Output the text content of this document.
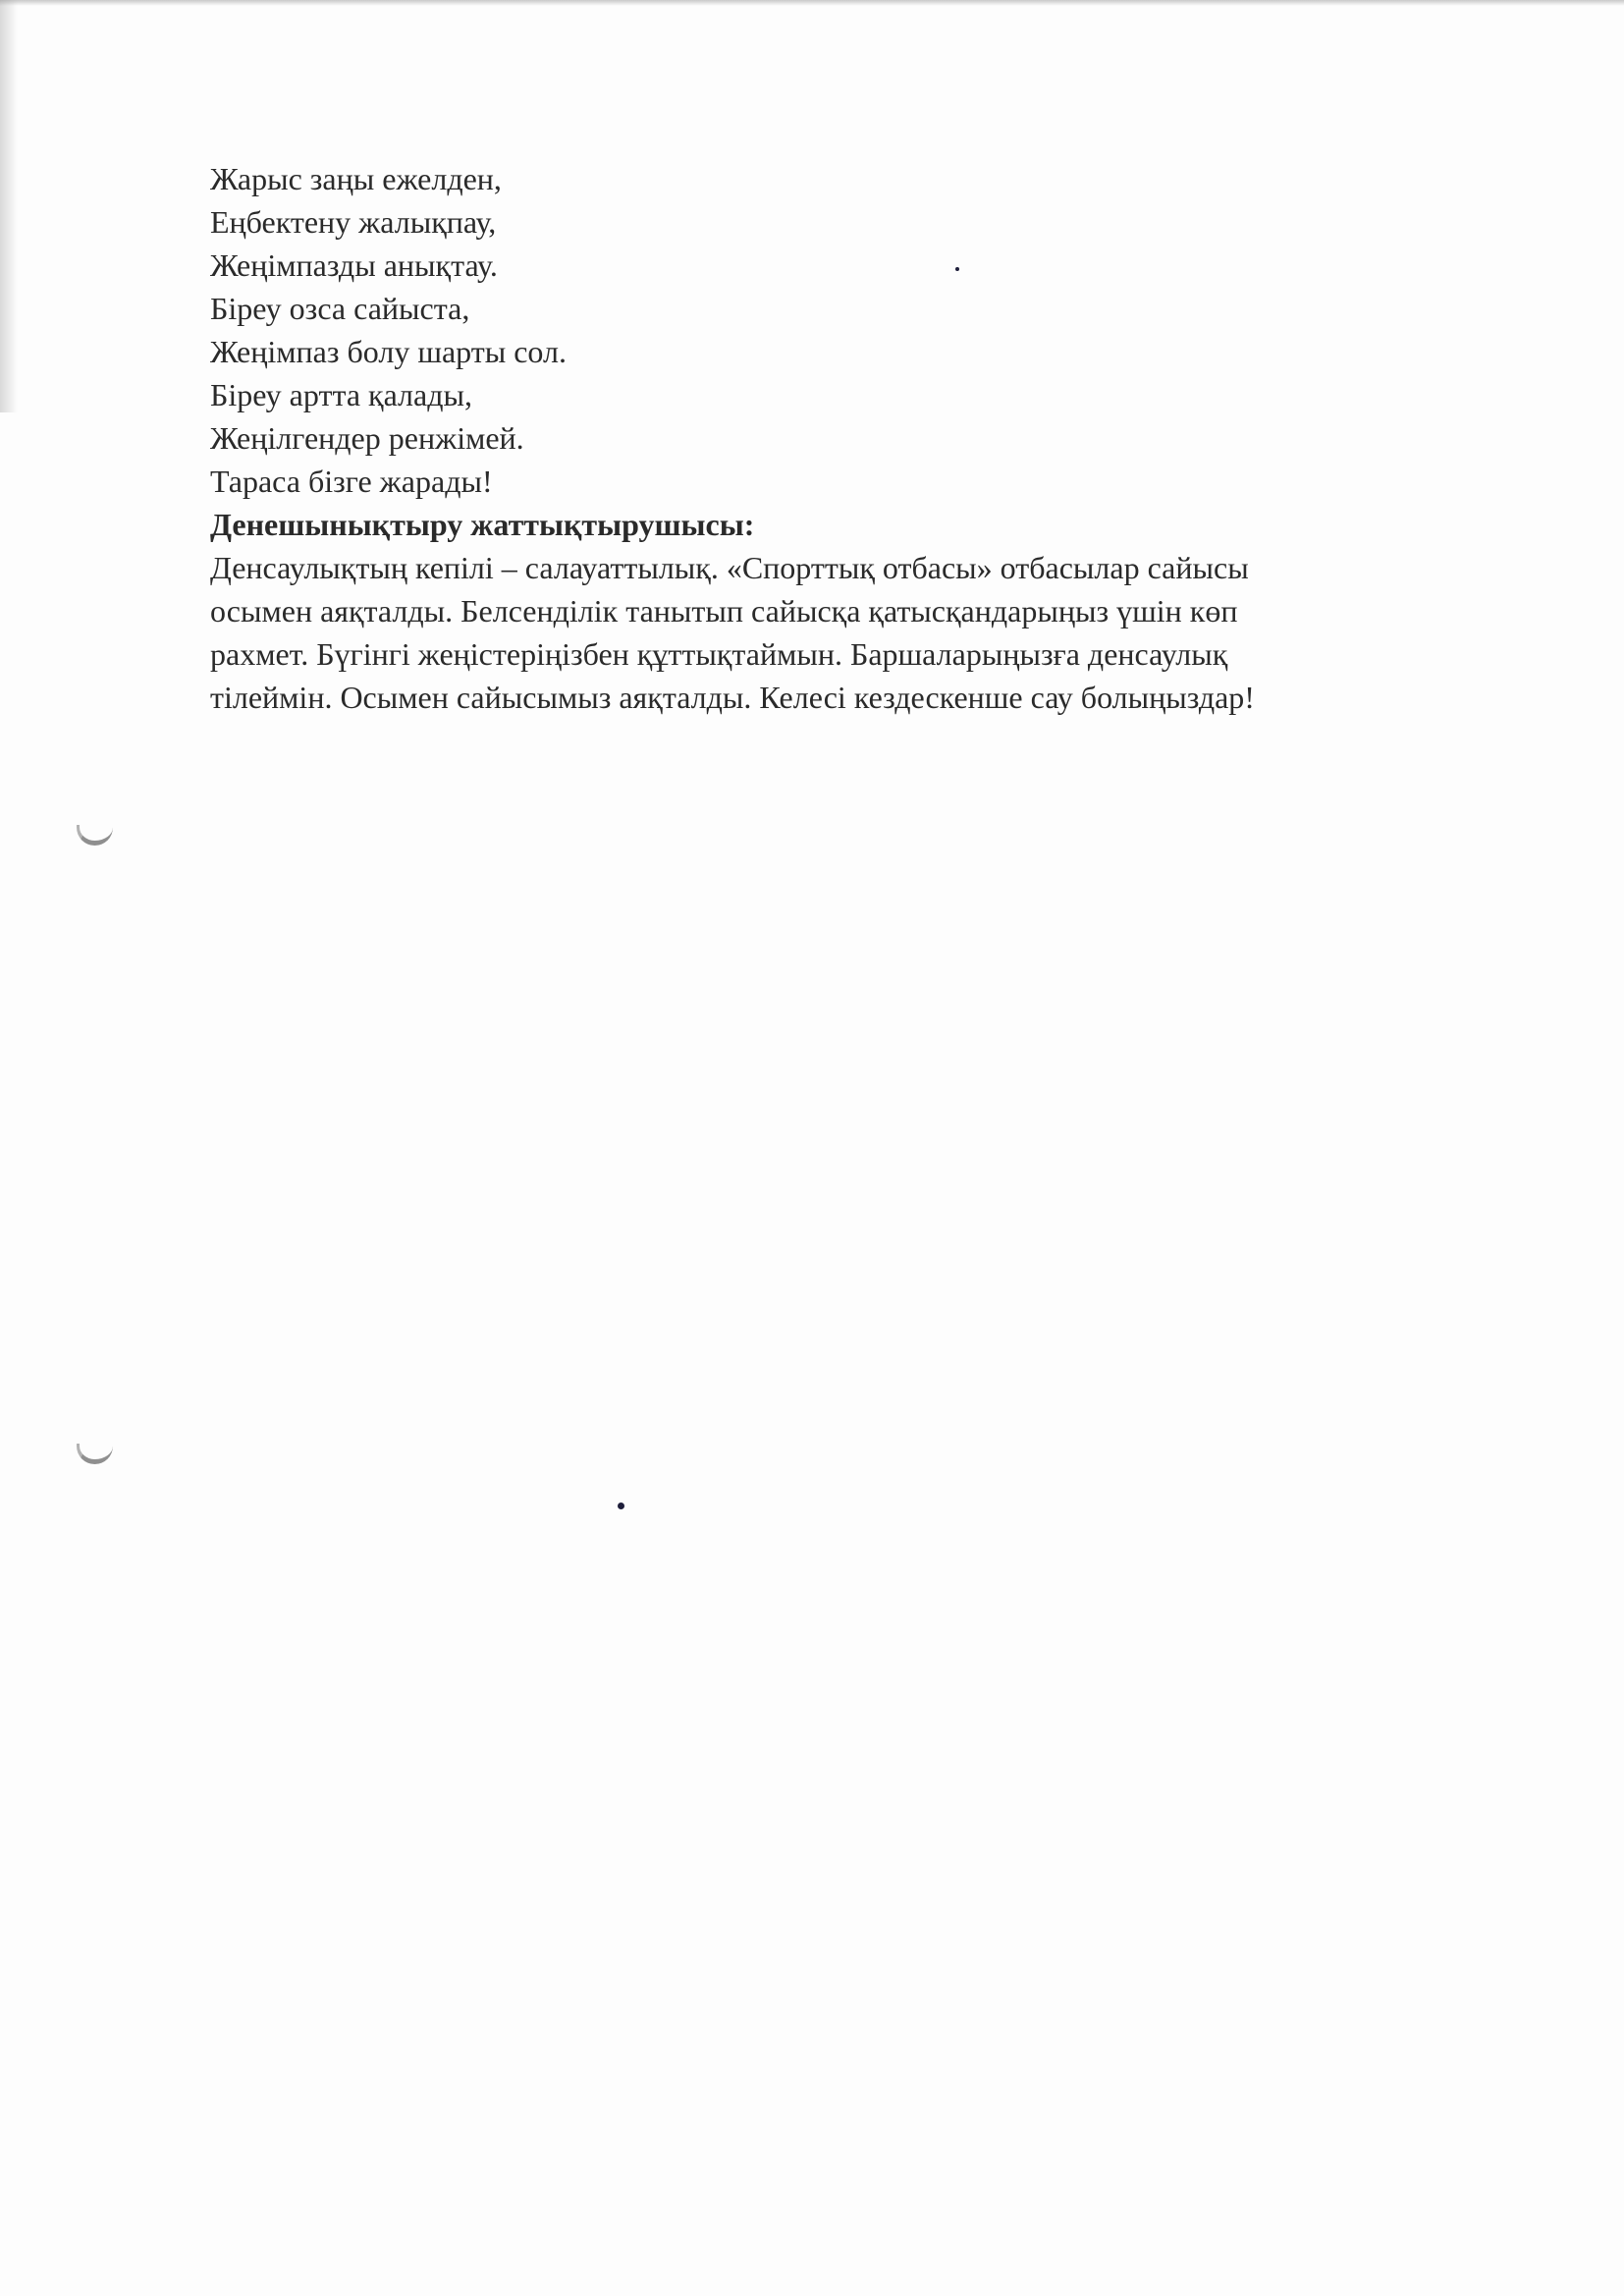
Жарыс заңы ежелден,
Еңбектену жалықпау,
Жеңімпазды анықтау.
Біреу озса сайыста,
Жеңімпаз болу шарты сол.
Біреу артта қалады,
Жеңілгендер ренжімей.
Тараса бізге жарады!
Денешынықтыру жаттықтырушысы:
Денсаулықтың кепілі – салауаттылық. «Спорттық отбасы» отбасылар сайысы
осымен аяқталды. Белсенділік танытып сайысқа қатысқандарыңыз үшін көп
рахмет. Бүгінгі жеңістеріңізбен құттықтаймын. Баршаларыңызға денсаулық
тілеймін. Осымен сайысымыз аяқталды. Келесі кездескенше сау болыңыздар!
